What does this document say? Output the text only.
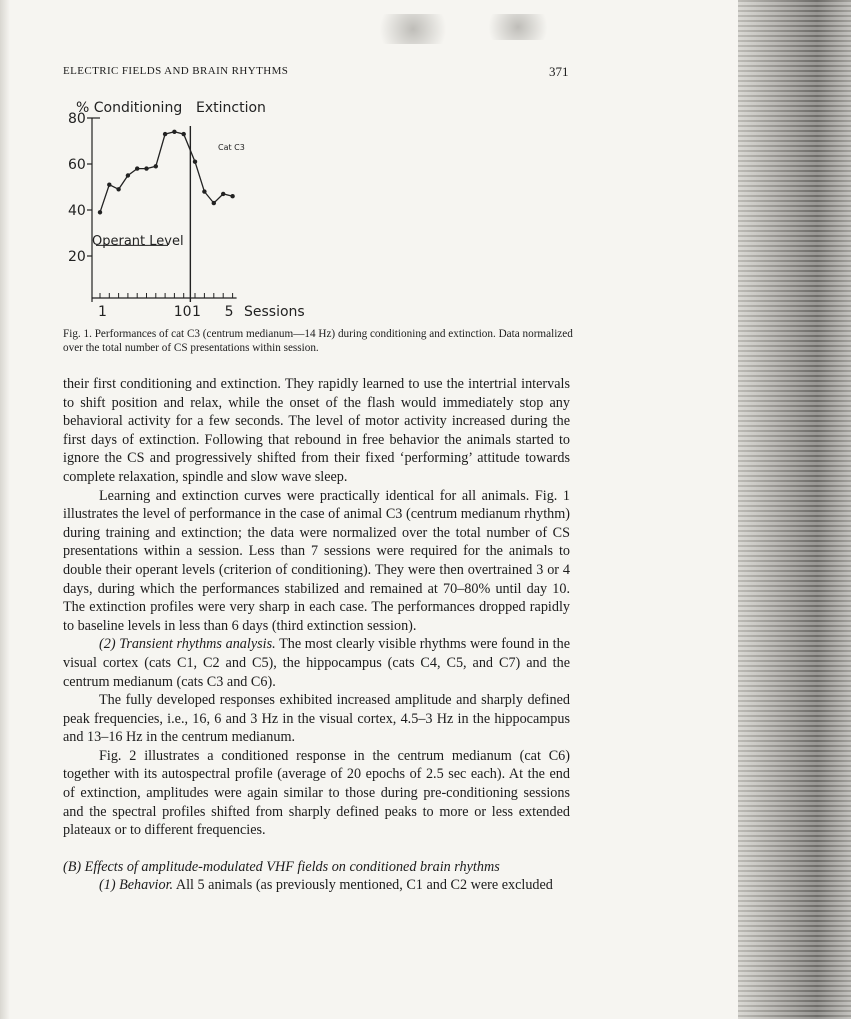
ELECTRIC FIELDS AND BRAIN RHYTHMS	371
% Conditioning Extinction
Cat C3
Operant Level
Sessions
80
60
40
20
1	10 1 5
Fig. 1. Performances of cat C3 (centrum medianum—14 Hz) during conditioning and extinction. Data normalized over the total number of CS presentations within session.

their first conditioning and extinction. They rapidly learned to use the intertrial intervals to shift position and relax, while the onset of the flash would immediately stop any behavioral activity for a few seconds. The level of motor activity increased during the first days of extinction. Following that rebound in free behavior the animals started to ignore the CS and progressively shifted from their fixed ‘performing’ attitude towards complete relaxation, spindle and slow wave sleep.

Learning and extinction curves were practically identical for all animals. Fig. 1 illustrates the level of performance in the case of animal C3 (centrum medianum rhythm) during training and extinction; the data were normalized over the total number of CS presentations within a session. Less than 7 sessions were required for the animals to double their operant levels (criterion of conditioning). They were then overtrained 3 or 4 days, during which the performances stabilized and remained at 70–80% until day 10. The extinction profiles were very sharp in each case. The performances dropped rapidly to baseline levels in less than 6 days (third extinction session).

(2) Transient rhythms analysis. The most clearly visible rhythms were found in the visual cortex (cats C1, C2 and C5), the hippocampus (cats C4, C5, and C7) and the centrum medianum (cats C3 and C6).

The fully developed responses exhibited increased amplitude and sharply defined peak frequencies, i.e., 16, 6 and 3 Hz in the visual cortex, 4.5–3 Hz in the hippocampus and 13–16 Hz in the centrum medianum.

Fig. 2 illustrates a conditioned response in the centrum medianum (cat C6) together with its autospectral profile (average of 20 epochs of 2.5 sec each). At the end of extinction, amplitudes were again similar to those during pre-conditioning sessions and the spectral profiles shifted from sharply defined peaks to more or less extended plateaux or to different frequencies.

(B) Effects of amplitude-modulated VHF fields on conditioned brain rhythms

(1) Behavior. All 5 animals (as previously mentioned, C1 and C2 were excluded
